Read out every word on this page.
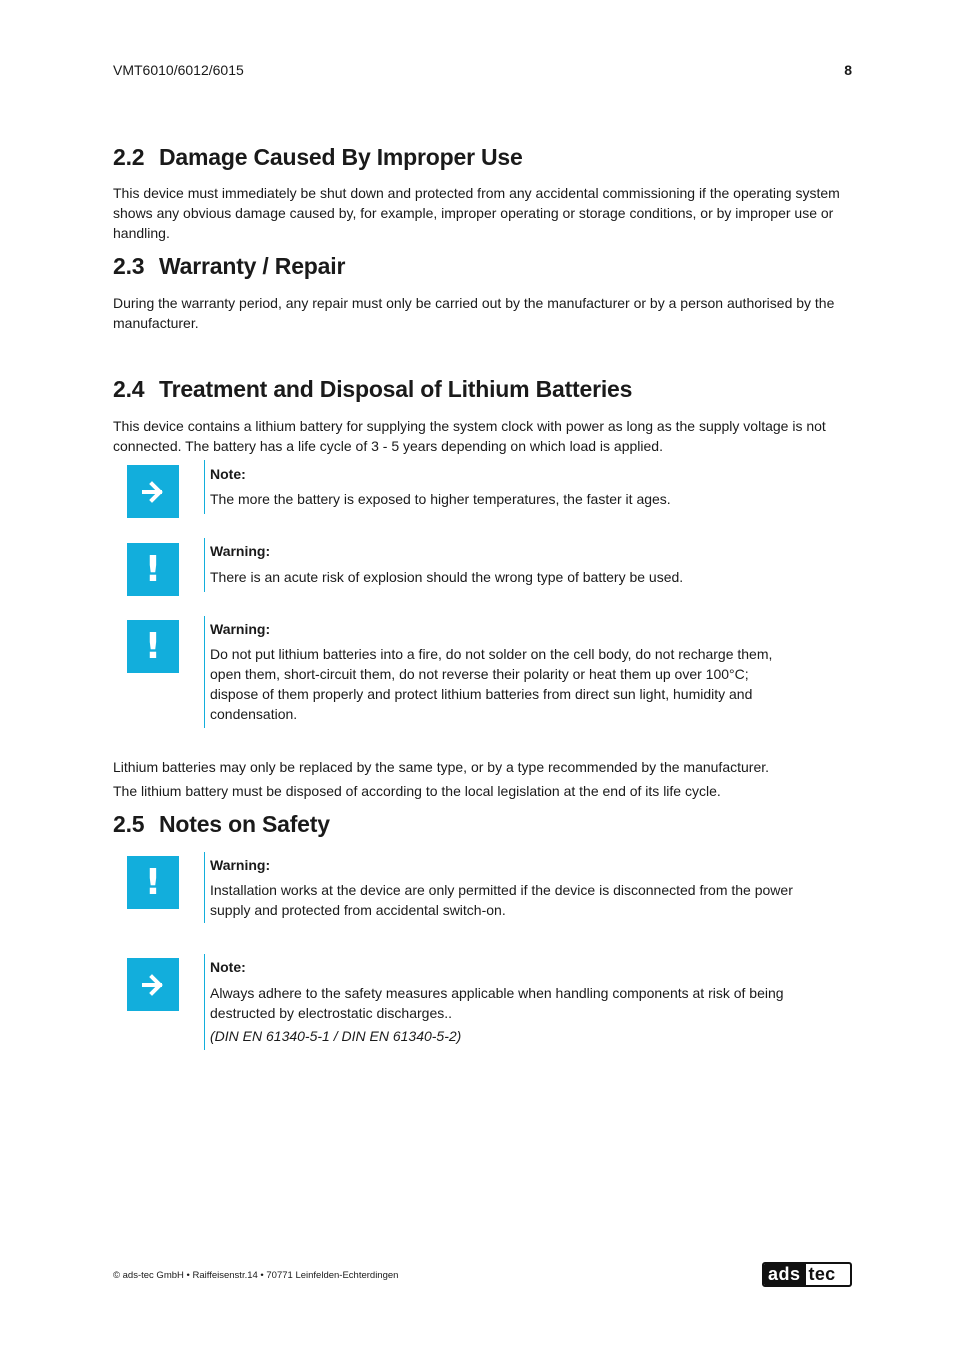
VMT6010/6012/6015	8
2.2 Damage Caused By Improper Use

This device must immediately be shut down and protected from any accidental commissioning if the operating system shows any obvious damage caused by, for example, improper operating or storage conditions, or by improper use or handling.

2.3 Warranty / Repair

During the warranty period, any repair must only be carried out by the manufacturer or by a person authorised by the manufacturer.

2.4 Treatment and Disposal of Lithium Batteries

This device contains a lithium battery for supplying the system clock with power as long as the supply voltage is not connected. The battery has a life cycle of 3 - 5 years depending on which load is applied.

Note:

The more the battery is exposed to higher temperatures, the faster it ages.

!	Warning:

There is an acute risk of explosion should the wrong type of battery be used.

!	Warning:

Do not put lithium batteries into a fire, do not solder on the cell body, do not recharge them, open them, short-circuit them, do not reverse their polarity or heat them up over 100°C; dispose of them properly and protect lithium batteries from direct sun light, humidity and condensation.

Lithium batteries may only be replaced by the same type, or by a type recommended by the manufacturer.

The lithium battery must be disposed of according to the local legislation at the end of its life cycle.

2.5 Notes on Safety
!	Warning:

Installation works at the device are only permitted if the device is disconnected from the power supply and protected from accidental switch-on.

Note:

Always adhere to the safety measures applicable when handling components at risk of being destructed by electrostatic discharges..

(DIN EN 61340-5-1 / DIN EN 61340-5-2)

© ads-tec GmbH • Raiffeisenstr.14 • 70771 Leinfelden-Echterdingen	ads tec
